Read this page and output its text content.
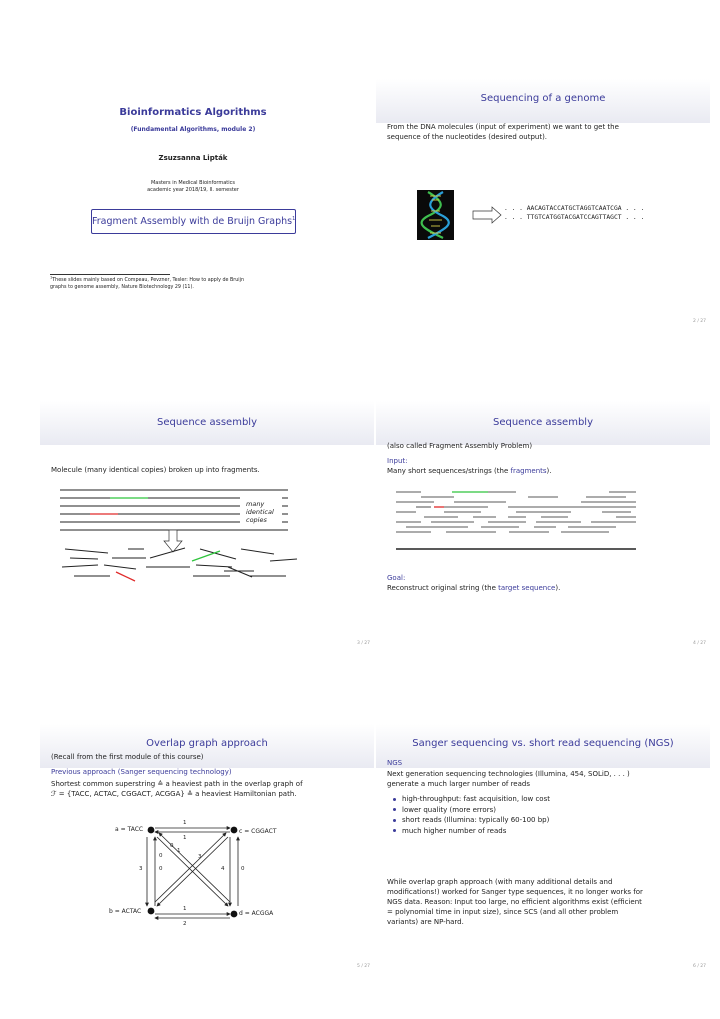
Bioinformatics Algorithms
(Fundamental Algorithms, module 2)
Zsuzsanna Lipták
Masters in Medical Bioinformatics
academic year 2018/19, II. semester
Fragment Assembly with de Bruijn Graphs$^1$
$^1$These slides mainly based on Compeau, Pevzner, Tesler: How to apply de Bruijn
graphs to genome assembly, Nature Biotechnology 29 (11).
Sequencing of a genome
From the DNA molecules (input of experiment) we want to get the
sequence of the nucleotides (desired output).
. . . AACAGTACCATGCTAGGTCAATCGA . . .
. . . TTGTCATGGTACGATCCAGTTAGCT . . .
2 / 27
Sequence assembly
Molecule (many identical copies) broken up into fragments.
many
identical
copies
3 / 27
Sequence assembly
(also called Fragment Assembly Problem)
Input:
Many short sequences/strings (the fragments).
Goal:
Reconstruct original string (the target sequence).
4 / 27
Overlap graph approach
(Recall from the first module of this course)
Previous approach (Sanger sequencing technology)
Shortest common superstring ≙ a heaviest path in the overlap graph of
ℱ = {TACC, ACTAC, CGGACT, ACGGA} ≙ a heaviest Hamiltonian path.
a = TACC	c = CGGACT
b = ACTAC	d = ACGGA
1
1
0
1
0	3
3	0	4	0
1
2
5 / 27
Sanger sequencing vs. short read sequencing (NGS)
NGS
Next generation sequencing technologies (Illumina, 454, SOLiD, . . . )
generate a much larger number of reads
high-throughput: fast acquisition, low cost
lower quality (more errors)
short reads (Illumina: typically 60-100 bp)
much higher number of reads
While overlap graph approach (with many additional details and
modifications!) worked for Sanger type sequences, it no longer works for
NGS data. Reason: Input too large, no efficient algorithms exist (efficient
= polynomial time in input size), since SCS (and all other problem
variants) are NP-hard.
6 / 27
